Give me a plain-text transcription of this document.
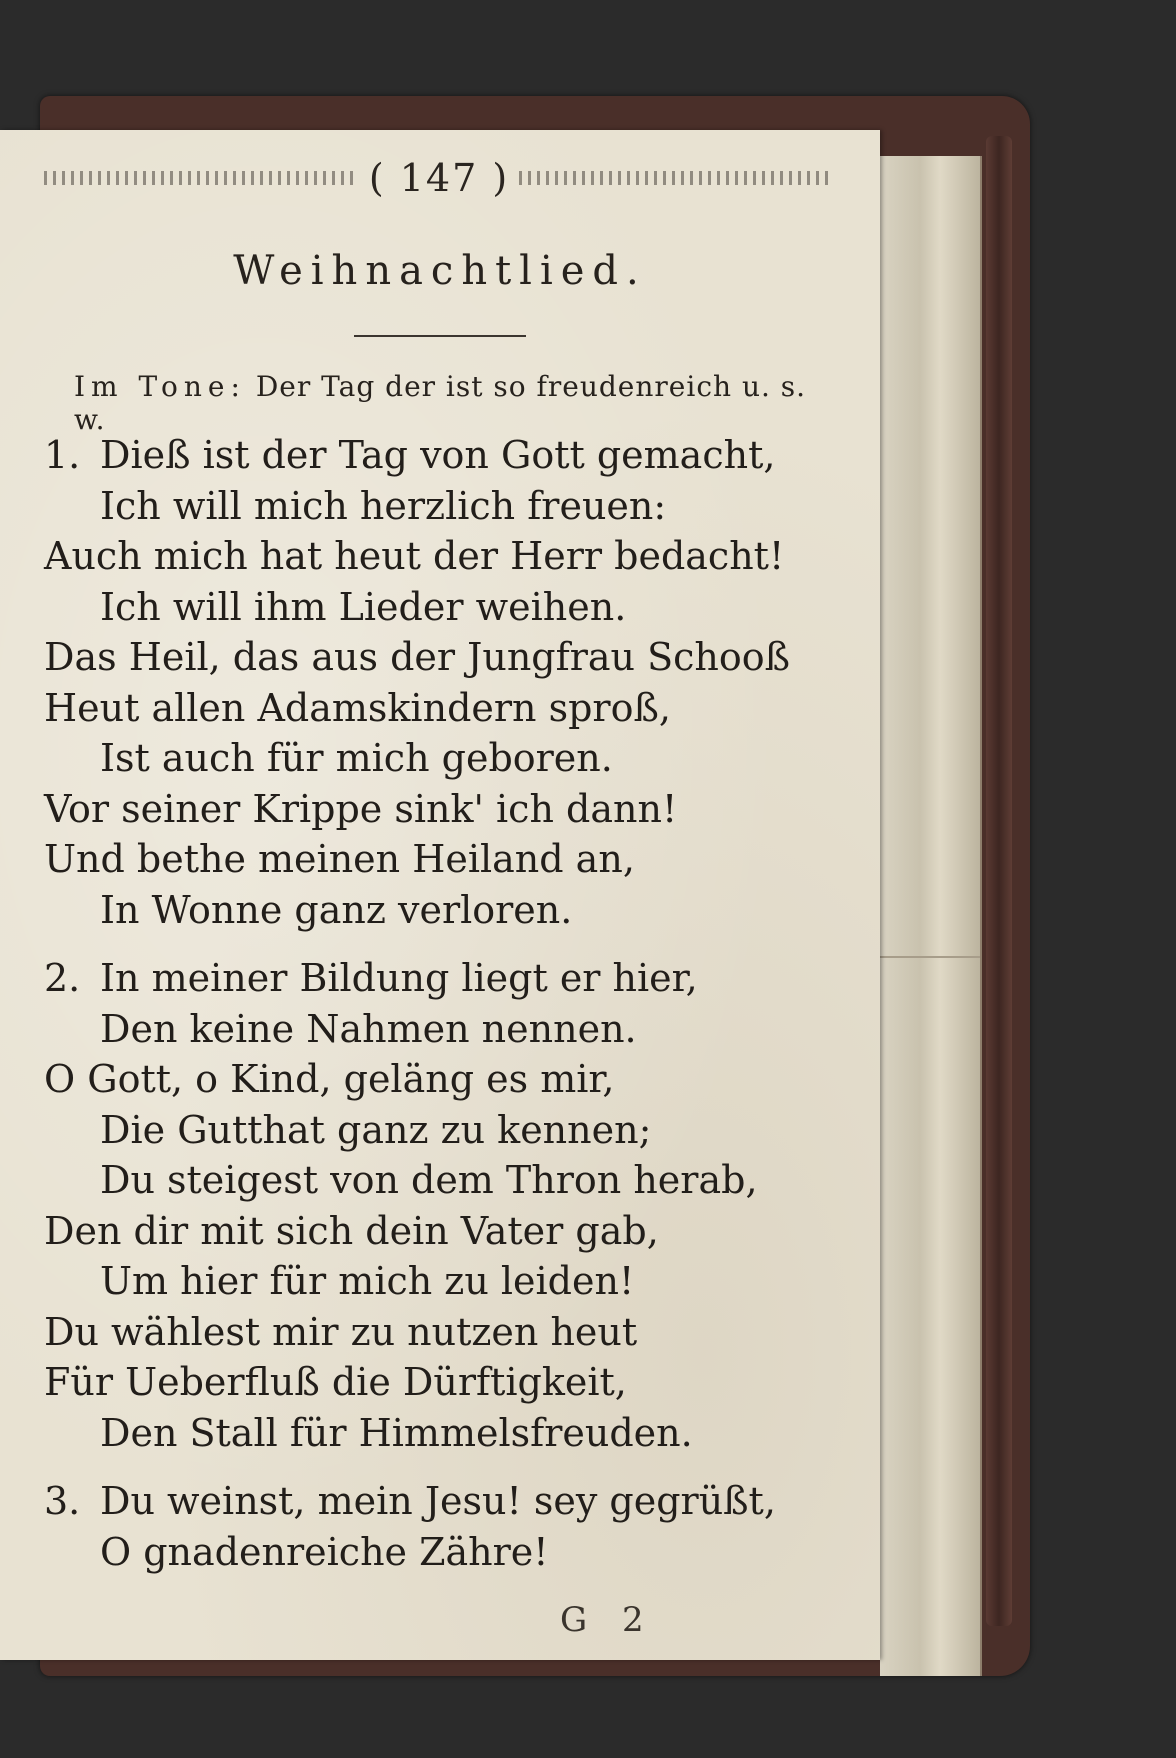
( 147 )
Weihnachtlied.
Im Tone: Der Tag der ist so freudenreich u. s. w.
1. Dieß ist der Tag von Gott gemacht,
Ich will mich herzlich freuen:
Auch mich hat heut der Herr bedacht!
Ich will ihm Lieder weihen.
Das Heil, das aus der Jungfrau Schooß
Heut allen Adamskindern sproß,
Ist auch für mich geboren.
Vor seiner Krippe sink' ich dann!
Und bethe meinen Heiland an,
In Wonne ganz verloren.
2. In meiner Bildung liegt er hier,
Den keine Nahmen nennen.
O Gott, o Kind, geläng es mir,
Die Gutthat ganz zu kennen;
Du steigest von dem Thron herab,
Den dir mit sich dein Vater gab,
Um hier für mich zu leiden!
Du wählest mir zu nutzen heut
Für Ueberfluß die Dürftigkeit,
Den Stall für Himmelsfreuden.
3. Du weinst, mein Jesu! sey gegrüßt,
O gnadenreiche Zähre!
G 2
